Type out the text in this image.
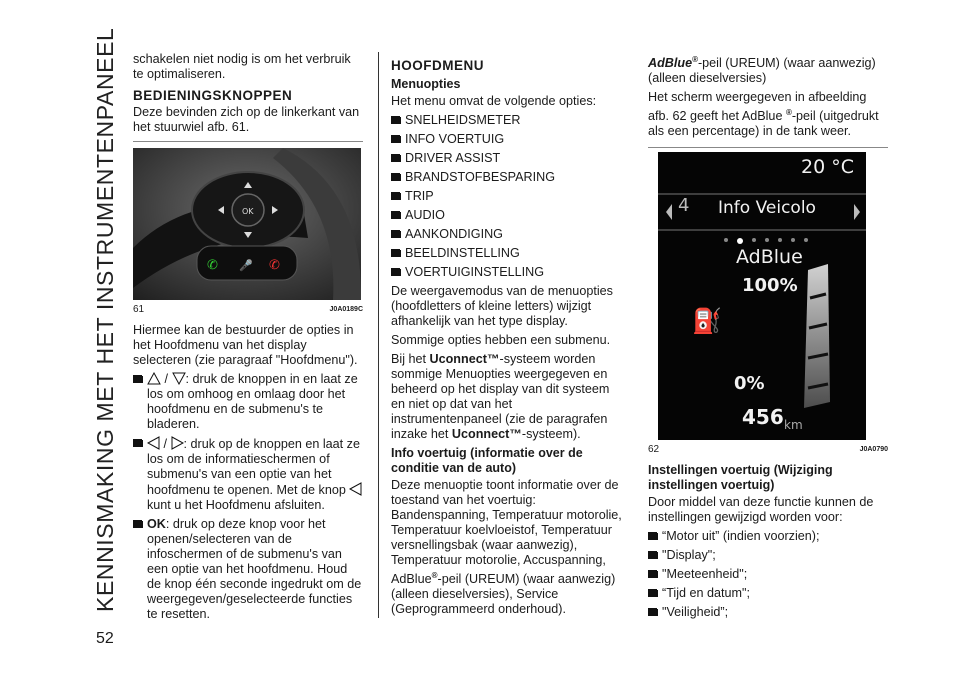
KENNISMAKING MET HET INSTRUMENTENPANEEL
52

schakelen niet nodig is om het verbruik te optimaliseren.

BEDIENINGSKNOPPEN

Deze bevinden zich op de linkerkant van het stuurwiel afb. 61.

OK
✆ 🎤 ✆
61	J0A0189C

Hiermee kan de bestuurder de opties in het Hoofdmenu van het display selecteren (zie paragraaf "Hoofdmenu").

/ : druk de knoppen in en laat ze los om omhoog en omlaag door het hoofdmenu en de submenu's te bladeren.

/ : druk op de knoppen en laat ze los om de informatieschermen of submenu's van een optie van het hoofdmenu te openen. Met de knop  kunt u het Hoofdmenu afsluiten.

OK: druk op deze knop voor het openen/selecteren van de infoschermen of de submenu's van een optie van het hoofdmenu. Houd de knop één seconde ingedrukt om de weergegeven/geselecteerde functies te resetten.

HOOFDMENU
Menuopties

Het menu omvat de volgende opties:

SNELHEIDSMETER

INFO VOERTUIG

DRIVER ASSIST

BRANDSTOFBESPARING

TRIP

AUDIO

AANKONDIGING

BEELDINSTELLING

VOERTUIGINSTELLING

De weergavemodus van de menuopties (hoofdletters of kleine letters) wijzigt afhankelijk van het type display.

Sommige opties hebben een submenu.

Bij het Uconnect™-systeem worden sommige Menuopties weergegeven en beheerd op het display van dit systeem en niet op dat van het instrumentenpaneel (zie de paragrafen inzake het Uconnect™-systeem).

Info voertuig (informatie over de conditie van de auto)

Deze menuoptie toont informatie over de toestand van het voertuig: Bandenspanning, Temperatuur motorolie, Temperatuur koelvloeistof, Temperatuur versnellingsbak (waar aanwezig), Temperatuur motorolie, Accuspanning, AdBlue®-peil (UREUM) (waar aanwezig) (alleen dieselversies), Service (Geprogrammeerd onderhoud).

AdBlue®-peil (UREUM) (waar aanwezig) (alleen dieselversies)

Het scherm weergegeven in afbeelding afb. 62 geeft het AdBlue ®-peil (uitgedrukt als een percentage) in de tank weer.

20 °C
4 Info Veicolo
AdBlue
100%
⛽
0%
456 km
62	J0A0790
Instellingen voertuig (Wijziging instellingen voertuig)

Door middel van deze functie kunnen de instellingen gewijzigd worden voor:

“Motor uit” (indien voorzien);

"Display";

"Meeteenheid";

“Tijd en datum";

"Veiligheid”;
